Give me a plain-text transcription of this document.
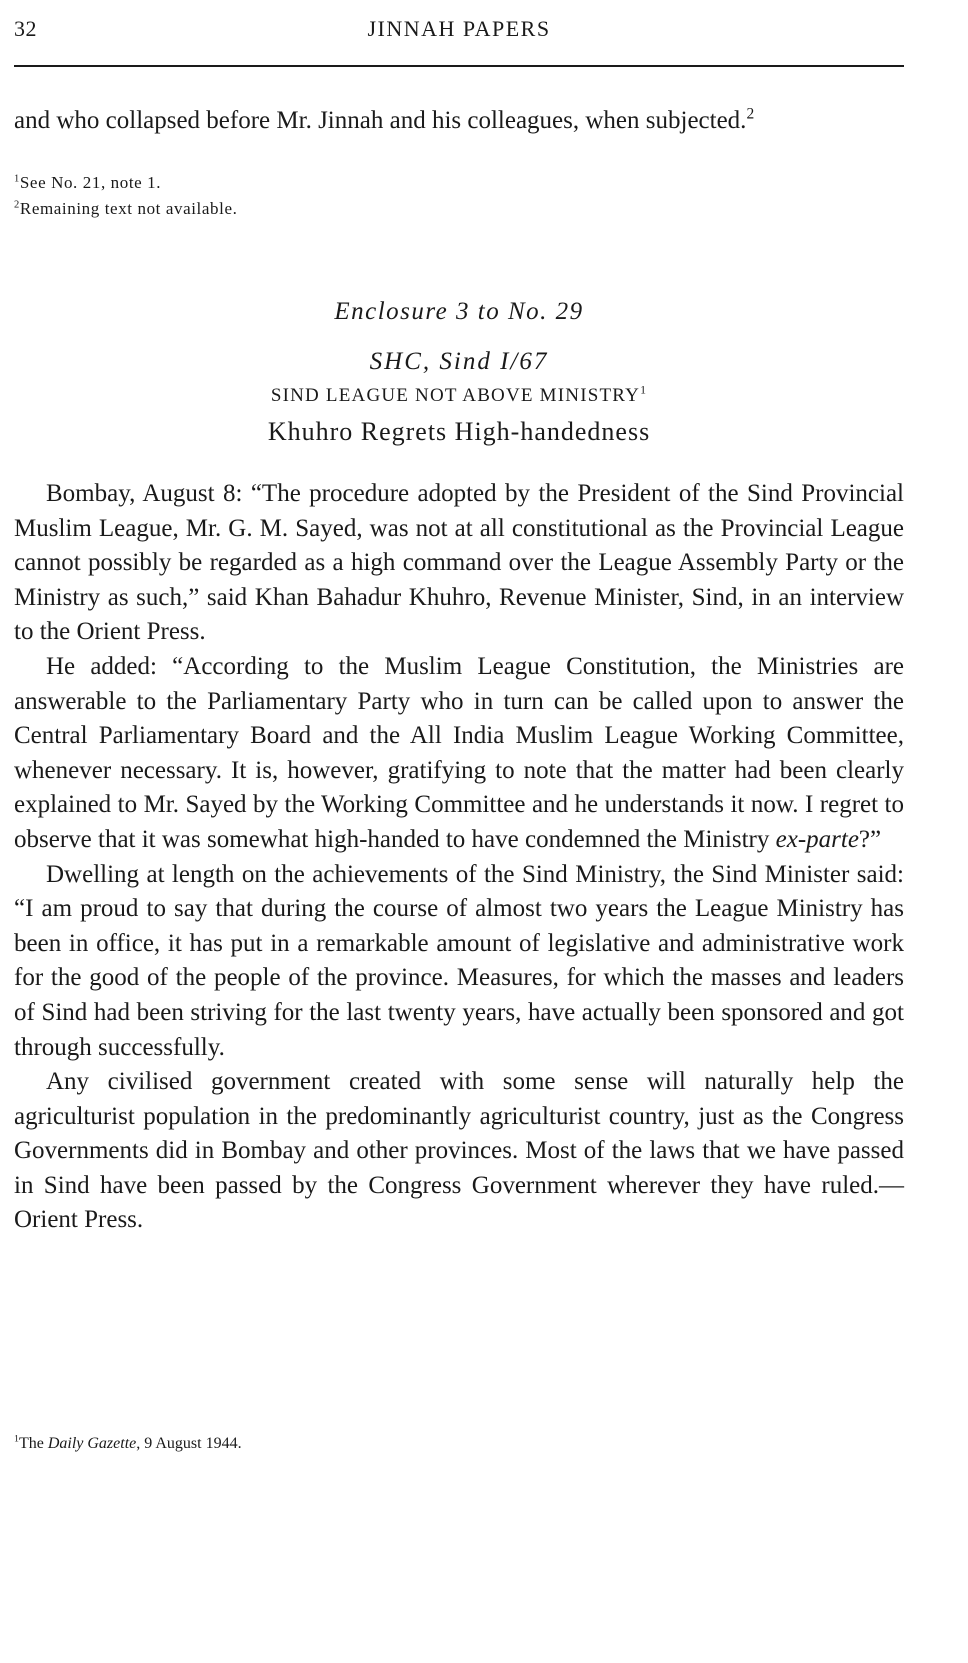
32	JINNAH PAPERS
and who collapsed before Mr. Jinnah and his colleagues, when subjected.$^2$

$^1$See No. 21, note 1.

$^2$Remaining text not available.

Enclosure 3 to No. 29

SHC, Sind I/67

SIND LEAGUE NOT ABOVE MINISTRY$^1$

Khuhro Regrets High-handedness

Bombay, August 8: “The procedure adopted by the President of the Sind Provincial Muslim League, Mr. G. M. Sayed, was not at all constitutional as the Provincial League cannot possibly be regarded as a high command over the League Assembly Party or the Ministry as such,” said Khan Bahadur Khuhro, Revenue Minister, Sind, in an interview to the Orient Press.

He added: “According to the Muslim League Constitution, the Ministries are answerable to the Parliamentary Party who in turn can be called upon to answer the Central Parliamentary Board and the All India Muslim League Working Committee, whenever necessary. It is, however, gratifying to note that the matter had been clearly explained to Mr. Sayed by the Working Committee and he understands it now. I regret to observe that it was somewhat high-handed to have condemned the Ministry ex-parte?”

Dwelling at length on the achievements of the Sind Ministry, the Sind Minister said: “I am proud to say that during the course of almost two years the League Ministry has been in office, it has put in a remarkable amount of legislative and administrative work for the good of the people of the province. Measures, for which the masses and leaders of Sind had been striving for the last twenty years, have actually been sponsored and got through successfully.

Any civilised government created with some sense will naturally help the agriculturist population in the predominantly agriculturist country, just as the Congress Governments did in Bombay and other provinces. Most of the laws that we have passed in Sind have been passed by the Congress Government wherever they have ruled.—Orient Press.

$^1$The Daily Gazette, 9 August 1944.
